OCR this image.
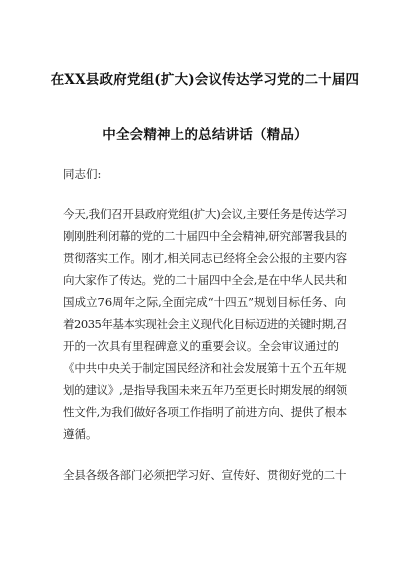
在XX县政府党组(扩大)会议传达学习党的二十届四
中全会精神上的总结讲话（精品）
同志们:
今天,我们召开县政府党组(扩大)会议,主要任务是传达学习
刚刚胜利闭幕的党的二十届四中全会精神,研究部署我县的
贯彻落实工作。刚才,相关同志已经将全会公报的主要内容
向大家作了传达。党的二十届四中全会,是在中华人民共和
国成立76周年之际,全面完成“十四五”规划目标任务、向
着2035年基本实现社会主义现代化目标迈进的关键时期,召
开的一次具有里程碑意义的重要会议。全会审议通过的
《中共中央关于制定国民经济和社会发展第十五个五年规
划的建议》,是指导我国未来五年乃至更长时期发展的纲领
性文件,为我们做好各项工作指明了前进方向、提供了根本
遵循。
全县各级各部门必须把学习好、宣传好、贯彻好党的二十
